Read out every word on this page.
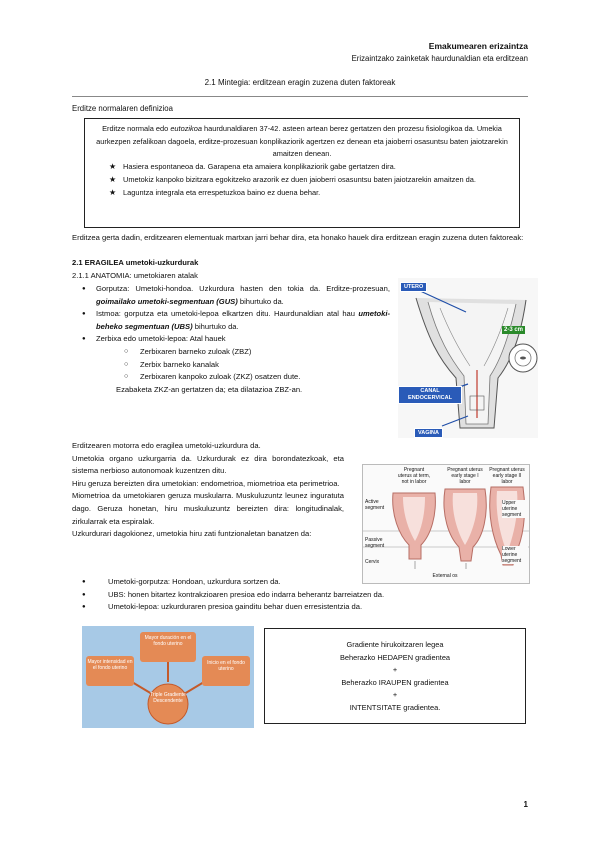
Emakumearen erizaintza
Erizaintzako zainketak haurdunaldian eta erditzean
2.1 Mintegia: erditzean eragin zuzena duten faktoreak
Erditze normalaren definizioa

Erditze normala edo eutozikoa haurdunaldiaren 37-42. asteen artean berez gertatzen den prozesu fisiologikoa da. Umekia aurkezpen zefalikoan dagoela, erditze-prozesuan konplikaziorik agertzen ez denean eta jaioberri osasuntsu baten jaiotzarekin amaitzen denean.

★ Hasiera espontaneoa da. Garapena eta amaiera konplikaziorik gabe gertatzen dira.
★ Umetokiz kanpoko bizitzara egokitzeko arazorik ez duen jaioberri osasuntsu baten jaiotzarekin amaitzen da.
★ Laguntza integrala eta errespetuzkoa baino ez duena behar.
Erditzea gerta dadin, erditzearen elementuak martxan jarri behar dira, eta honako hauek dira erditzean eragin zuzena duten faktoreak:
2.1 ERAGILEA umetoki-uzkurdurak
2.1.1 ANATOMIA: umetokiaren atalak
● Gorputza: Umetoki-hondoa. Uzkurdura hasten den tokia da. Erditze-prozesuan, goimailako umetoki-segmentuan (GUS) bihurtuko da.
● Istmoa: gorputza eta umetoki-lepoa elkartzen ditu. Haurdunaldian atal hau umetoki-beheko segmentuan (UBS) bihurtuko da.
● Zerbixa edo umetoki-lepoa: Atal hauek
○ Zerbixaren barneko zuloak (ZBZ)
○ Zerbix barneko kanalak
○ Zerbixaren kanpoko zuloak (ZKZ) osatzen dute.
Ezabaketa ZKZ-an gertatzen da; eta dilatazioa ZBZ-an.
UTERO
2-3 cm
CANAL ENDOCERVICAL
VAGINA
Erditzearen motorra edo eragilea umetoki-uzkurdura da.
Umetokia organo uzkurgarria da. Uzkurdurak ez dira borondatezkoak, eta sistema nerbioso autonomoak kuzentzen ditu.
Hiru geruza bereizten dira umetokian: endometrioa, miometrioa eta perimetrioa.
Miometrioa da umetokiaren geruza muskularra. Muskuluzuntz leunez inguratuta dago. Geruza honetan, hiru muskuluzuntz bereizten dira: longitudinalak, zirkularrak eta espiralak.
Uzkurdurari dagokionez, umetokia hiru zati funtzionaletan banatzen da:
Pregnant uterus at term, not in labor
Pregnant uterus early stage I labor
Pregnant uterus early stage II labor
Active segment
Passive segment
Cervix
External os
Upper uterine segment
Lower uterine segment
● Umetoki-gorputza: Hondoan, uzkurdura sortzen da.
● UBS: honen bitartez kontrakzioaren presioa edo indarra beherantz barreiatzen da.
● Umetoki-lepoa: uzkurduraren presioa gainditu behar duen erresistentzia da.
Mayor duración en el fondo uterino
Mayor intensidad en el fondo uterino
Inicio en el fondo uterino
Triple Gradiente Descendente
Gradiente hirukoitzaren legea
Beherazko HEDAPEN gradientea
+
Beherazko IRAUPEN gradientea
+
INTENTSITATE gradientea.
1
